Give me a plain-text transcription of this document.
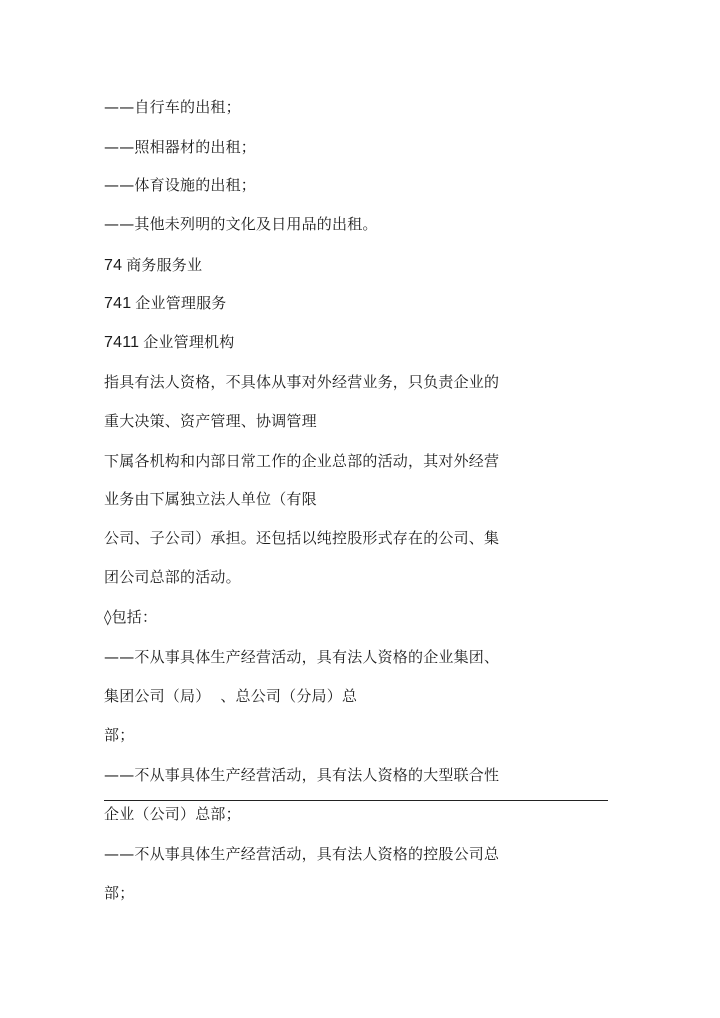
——自行车的出租；
——照相器材的出租；
——体育设施的出租；
——其他未列明的文化及日用品的出租。
74 商务服务业
741 企业管理服务
7411 企业管理机构
指具有法人资格，不具体从事对外经营业务，只负责企业的
重大决策、资产管理、协调管理
下属各机构和内部日常工作的企业总部的活动，其对外经营
业务由下属独立法人单位（有限
公司、子公司）承担。还包括以纯控股形式存在的公司、集
团公司总部的活动。
◊包括：
——不从事具体生产经营活动，具有法人资格的企业集团、
集团公司（局）  、总公司（分局）总
部；
——不从事具体生产经营活动，具有法人资格的大型联合性
企业（公司）总部；
——不从事具体生产经营活动，具有法人资格的控股公司总
部；
